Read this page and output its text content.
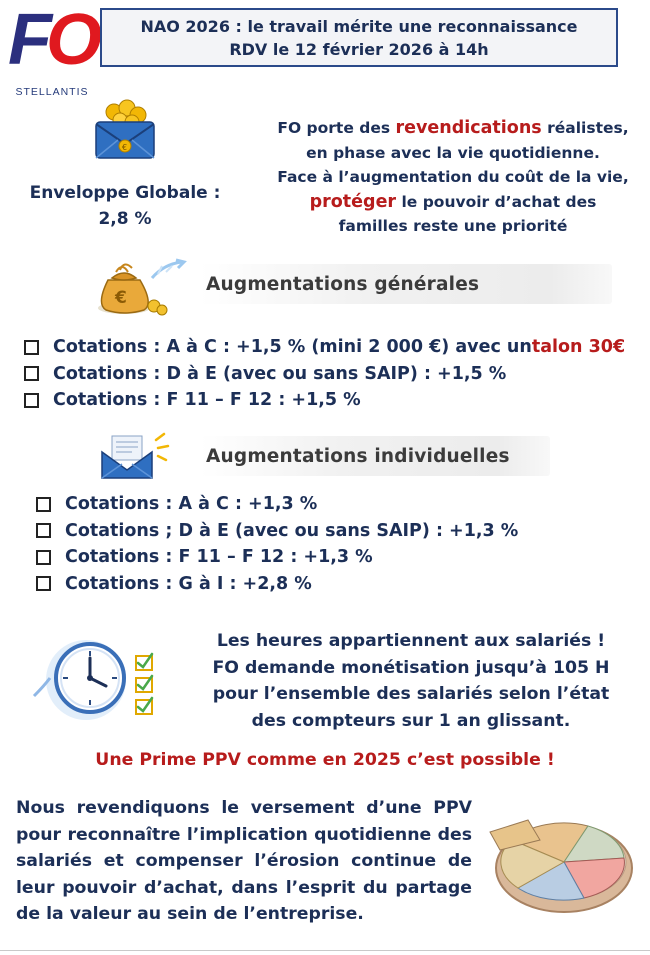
FO
STELLANTIS
NAO 2026 : le travail mérite une reconnaissance
RDV le 12 février 2026 à 14h
€
Enveloppe Globale :
2,8 %
FO porte des revendications réalistes,
en phase avec la vie quotidienne.
Face à l’augmentation du coût de la vie,
protéger le pouvoir d’achat des
familles reste une priorité
€
Augmentations générales
Cotations : A à C : +1,5 % (mini 2 000 €) avec un talon 30€
Cotations : D à E (avec ou sans SAIP) : +1,5 %
Cotations : F 11 – F 12 : +1,5 %
Augmentations individuelles
Cotations : A à C : +1,3 %
Cotations ; D à E (avec ou sans SAIP) : +1,3 %
Cotations : F 11 – F 12 : +1,3 %
Cotations : G à I : +2,8 %
Les heures appartiennent aux salariés !
FO demande monétisation jusqu’à 105 H
pour l’ensemble des salariés selon l’état
des compteurs sur 1 an glissant.
Une Prime PPV comme en 2025 c’est possible !
Nous revendiquons le versement d’une PPV pour reconnaître l’implication quotidienne des salariés et compenser l’érosion continue de leur pouvoir d’achat, dans l’esprit du partage de la valeur au sein de l’entreprise.
